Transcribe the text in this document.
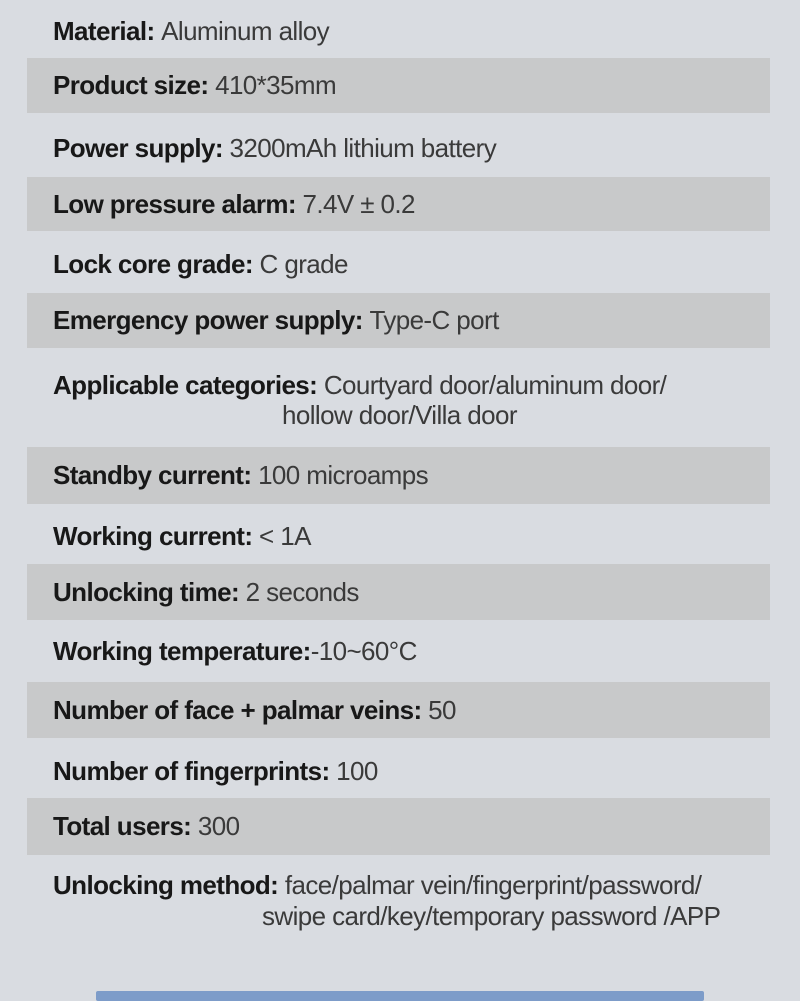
Material: Aluminum alloy
Product size: 410*35mm
Power supply: 3200mAh lithium battery
Low pressure alarm: 7.4V ± 0.2
Lock core grade: C grade
Emergency power supply: Type-C port
Applicable categories: Courtyard door/aluminum door/
hollow door/Villa door
Standby current: 100 microamps
Working current: < 1A
Unlocking time: 2 seconds
Working temperature:-10~60°C
Number of face + palmar veins: 50
Number of fingerprints: 100
Total users: 300
Unlocking method: face/palmar vein/fingerprint/password/
swipe card/key/temporary password /APP
